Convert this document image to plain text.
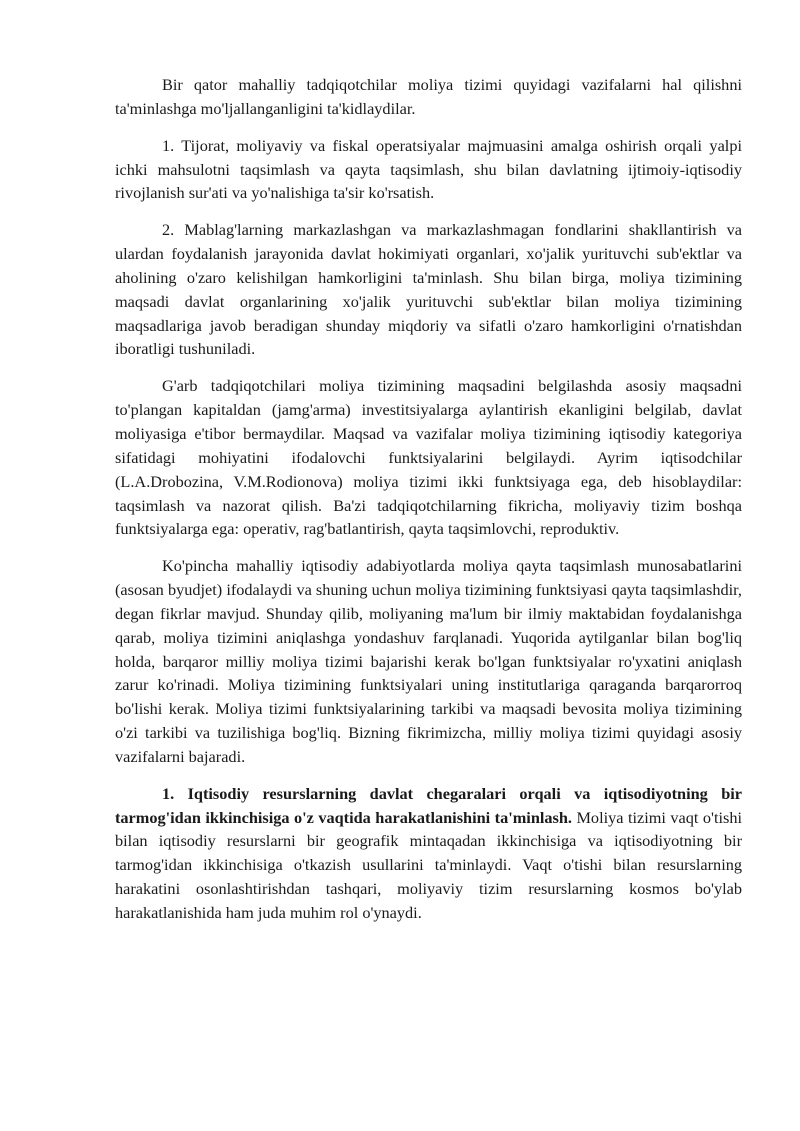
Bir qator mahalliy tadqiqotchilar moliya tizimi quyidagi vazifalarni hal qilishni ta'minlashga mo'ljallanganligini ta'kidlaydilar.

1. Tijorat, moliyaviy va fiskal operatsiyalar majmuasini amalga oshirish orqali yalpi ichki mahsulotni taqsimlash va qayta taqsimlash, shu bilan davlatning ijtimoiy-iqtisodiy rivojlanish sur'ati va yo'nalishiga ta'sir ko'rsatish.

2. Mablag'larning markazlashgan va markazlashmagan fondlarini shakllantirish va ulardan foydalanish jarayonida davlat hokimiyati organlari, xo'jalik yurituvchi sub'ektlar va aholining o'zaro kelishilgan hamkorligini ta'minlash. Shu bilan birga, moliya tizimining maqsadi davlat organlarining xo'jalik yurituvchi sub'ektlar bilan moliya tizimining maqsadlariga javob beradigan shunday miqdoriy va sifatli o'zaro hamkorligini o'rnatishdan iboratligi tushuniladi.

G'arb tadqiqotchilari moliya tizimining maqsadini belgilashda asosiy maqsadni to'plangan kapitaldan (jamg'arma) investitsiyalarga aylantirish ekanligini belgilab, davlat moliyasiga e'tibor bermaydilar. Maqsad va vazifalar moliya tizimining iqtisodiy kategoriya sifatidagi mohiyatini ifodalovchi funktsiyalarini belgilaydi. Ayrim iqtisodchilar (L.A.Drobozina, V.M.Rodionova) moliya tizimi ikki funktsiyaga ega, deb hisoblaydilar: taqsimlash va nazorat qilish. Ba'zi tadqiqotchilarning fikricha, moliyaviy tizim boshqa funktsiyalarga ega: operativ, rag'batlantirish, qayta taqsimlovchi, reproduktiv.

Ko'pincha mahalliy iqtisodiy adabiyotlarda moliya qayta taqsimlash munosabatlarini (asosan byudjet) ifodalaydi va shuning uchun moliya tizimining funktsiyasi qayta taqsimlashdir, degan fikrlar mavjud. Shunday qilib, moliyaning ma'lum bir ilmiy maktabidan foydalanishga qarab, moliya tizimini aniqlashga yondashuv farqlanadi. Yuqorida aytilganlar bilan bog'liq holda, barqaror milliy moliya tizimi bajarishi kerak bo'lgan funktsiyalar ro'yxatini aniqlash zarur ko'rinadi. Moliya tizimining funktsiyalari uning institutlariga qaraganda barqarorroq bo'lishi kerak. Moliya tizimi funktsiyalarining tarkibi va maqsadi bevosita moliya tizimining o'zi tarkibi va tuzilishiga bog'liq. Bizning fikrimizcha, milliy moliya tizimi quyidagi asosiy vazifalarni bajaradi.

1. Iqtisodiy resurslarning davlat chegaralari orqali va iqtisodiyotning bir tarmog'idan ikkinchisiga o'z vaqtida harakatlanishini ta'minlash. Moliya tizimi vaqt o'tishi bilan iqtisodiy resurslarni bir geografik mintaqadan ikkinchisiga va iqtisodiyotning bir tarmog'idan ikkinchisiga o'tkazish usullarini ta'minlaydi. Vaqt o'tishi bilan resurslarning harakatini osonlashtirishdan tashqari, moliyaviy tizim resurslarning kosmos bo'ylab harakatlanishida ham juda muhim rol o'ynaydi.
